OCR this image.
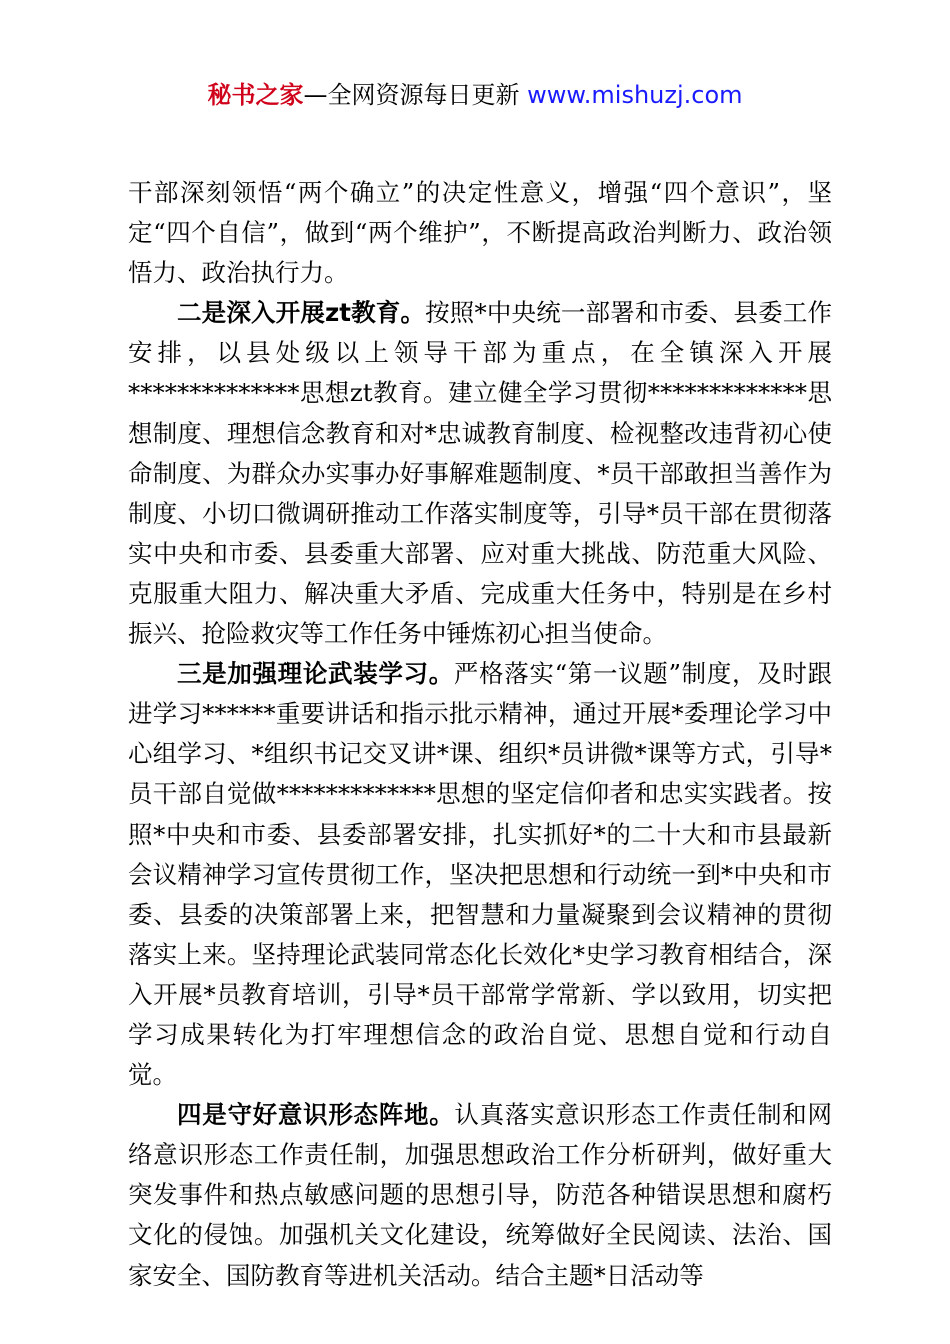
秘书之家—全网资源每日更新 www.mishuzj.com

干部深刻领悟“两个确立”的决定性意义，增强“四个意识”，坚定“四个自信”，做到“两个维护”，不断提高政治判断力、政治领悟力、政治执行力。

二是深入开展zt教育。按照*中央统一部署和市委、县委工作安排，以县处级以上领导干部为重点，在全镇深入开展**************思想zt教育。建立健全学习贯彻*************思想制度、理想信念教育和对*忠诚教育制度、检视整改违背初心使命制度、为群众办实事办好事解难题制度、*员干部敢担当善作为制度、小切口微调研推动工作落实制度等，引导*员干部在贯彻落实中央和市委、县委重大部署、应对重大挑战、防范重大风险、克服重大阻力、解决重大矛盾、完成重大任务中，特别是在乡村振兴、抢险救灾等工作任务中锤炼初心担当使命。

三是加强理论武装学习。严格落实“第一议题”制度，及时跟进学习******重要讲话和指示批示精神，通过开展*委理论学习中心组学习、*组织书记交叉讲*课、组织*员讲微*课等方式，引导*员干部自觉做*************思想的坚定信仰者和忠实实践者。按照*中央和市委、县委部署安排，扎实抓好*的二十大和市县最新会议精神学习宣传贯彻工作，坚决把思想和行动统一到*中央和市委、县委的决策部署上来，把智慧和力量凝聚到会议精神的贯彻落实上来。坚持理论武装同常态化长效化*史学习教育相结合，深入开展*员教育培训，引导*员干部常学常新、学以致用，切实把学习成果转化为打牢理想信念的政治自觉、思想自觉和行动自觉。

四是守好意识形态阵地。认真落实意识形态工作责任制和网络意识形态工作责任制，加强思想政治工作分析研判，做好重大突发事件和热点敏感问题的思想引导，防范各种错误思想和腐朽文化的侵蚀。加强机关文化建设，统筹做好全民阅读、法治、国家安全、国防教育等进机关活动。结合主题*日活动等
